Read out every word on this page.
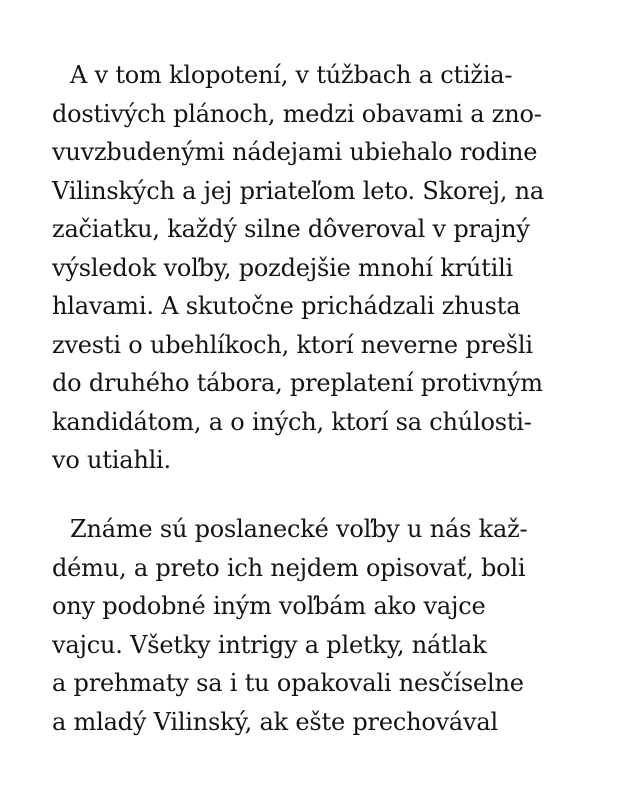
A v tom klopotení, v túžbach a ctižia-
dostivých plánoch, medzi obavami a zno-
vuvzbudenými nádejami ubiehalo rodine
Vilinských a jej priateľom leto. Skorej, na
začiatku, každý silne dôveroval v prajný
výsledok voľby, pozdejšie mnohí krútili
hlavami. A skutočne prichádzali zhusta
zvesti o ubehlíkoch, ktorí neverne prešli
do druhého tábora, preplatení protivným
kandidátom, a o iných, ktorí sa chúlosti-
vo utiahli.
Známe sú poslanecké voľby u nás kaž-
dému, a preto ich nejdem opisovať, boli
ony podobné iným voľbám ako vajce
vajcu. Všetky intrigy a pletky, nátlak
a prehmaty sa i tu opakovali nesčíselne
a mladý Vilinský, ak ešte prechovával
